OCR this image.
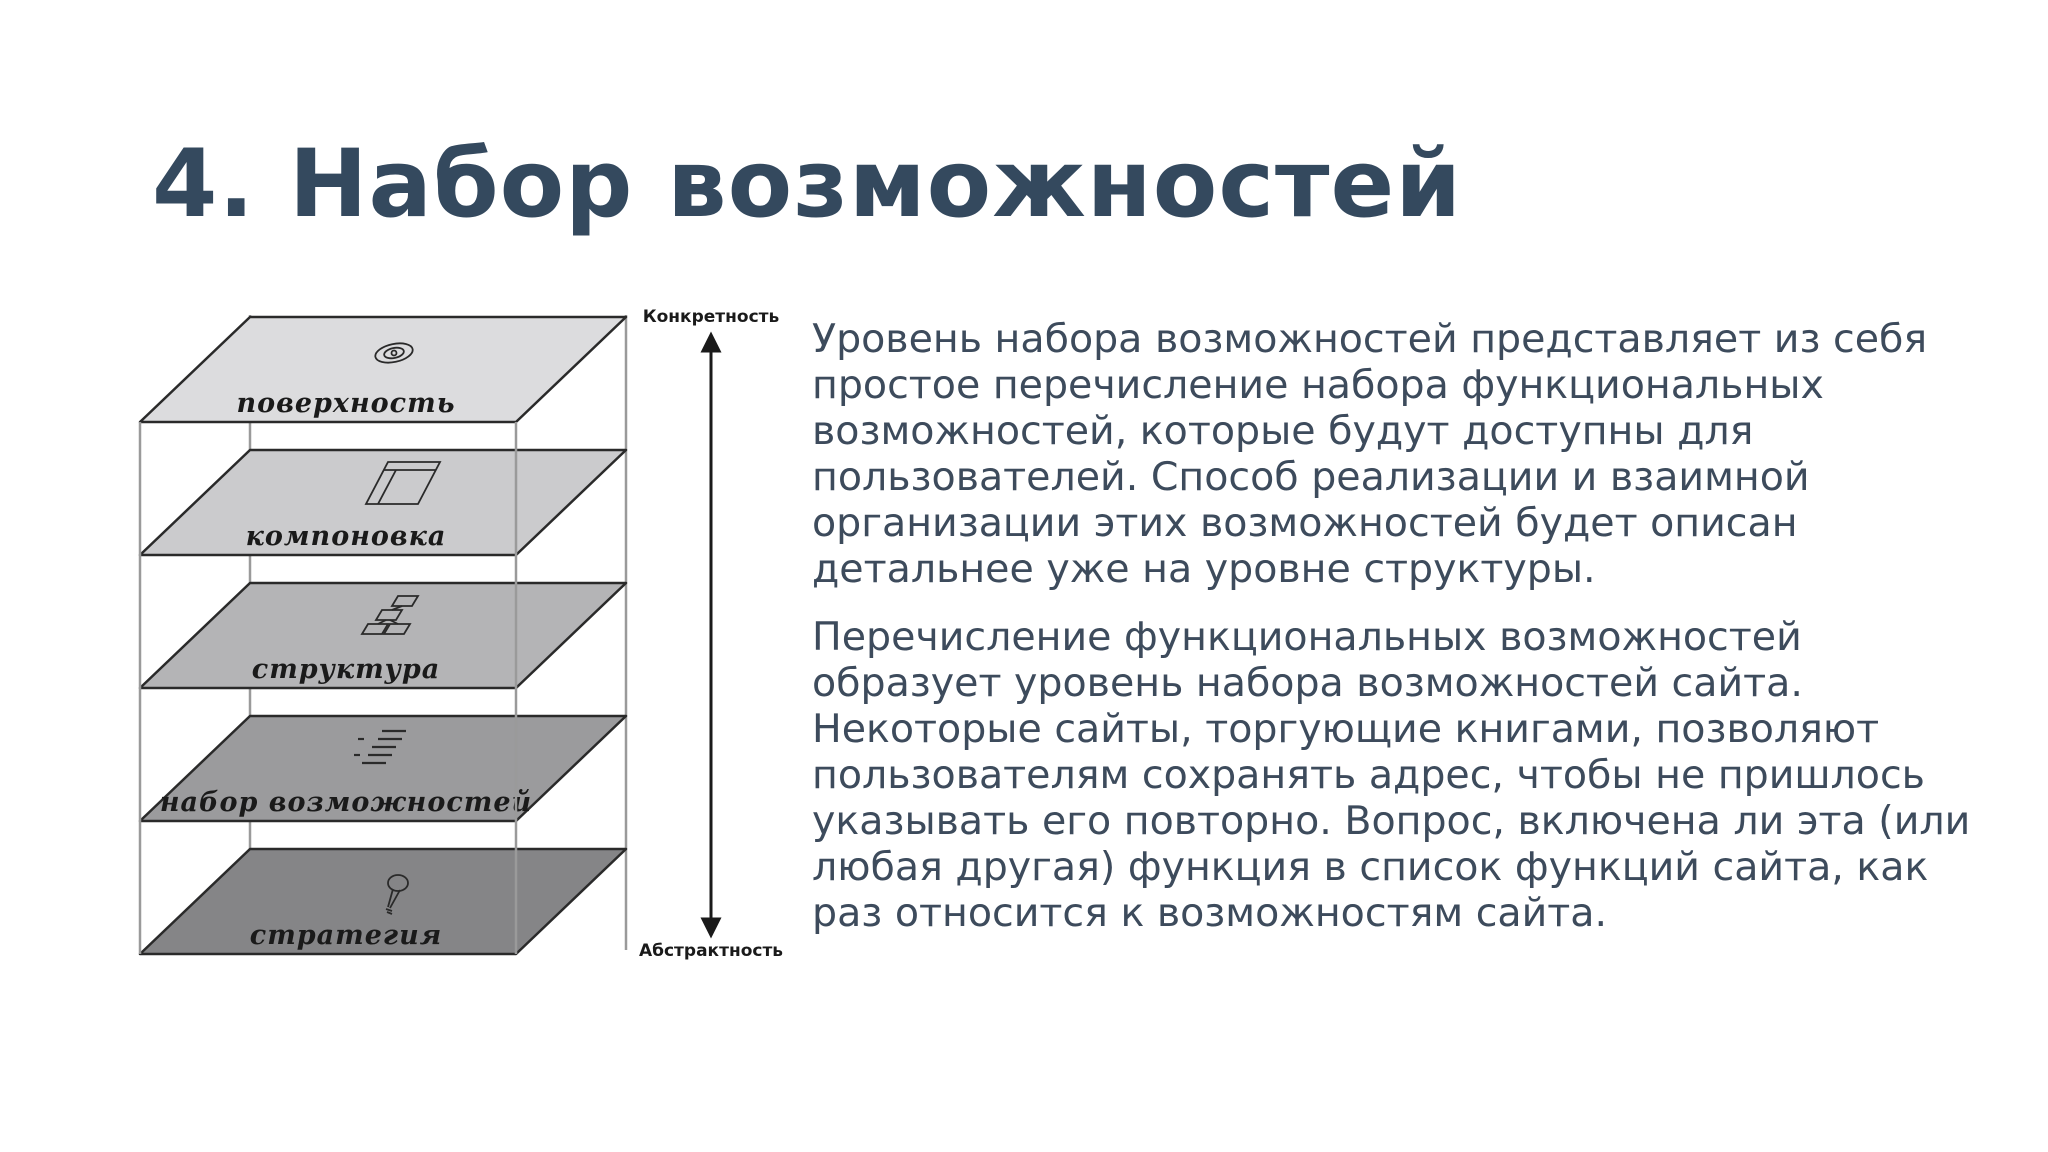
4. Набор возможностей
стратегия
набор возможностей
структура
компоновка
поверхность
Конкретность
Абстрактность

Уровень набора возможностей представляет из себя простое перечисление набора функциональных возможностей, которые будут доступны для пользователей. Способ реализации и взаимной организации этих возможностей будет описан детальнее уже на уровне структуры.

Перечисление функциональных возможностей образует уровень набора возможностей сайта. Некоторые сайты, торгующие книгами, позволяют пользователям сохранять адрес, чтобы не пришлось указывать его повторно. Вопрос, включена ли эта (или любая другая) функция в список функций сайта, как раз относится к возможностям сайта.
